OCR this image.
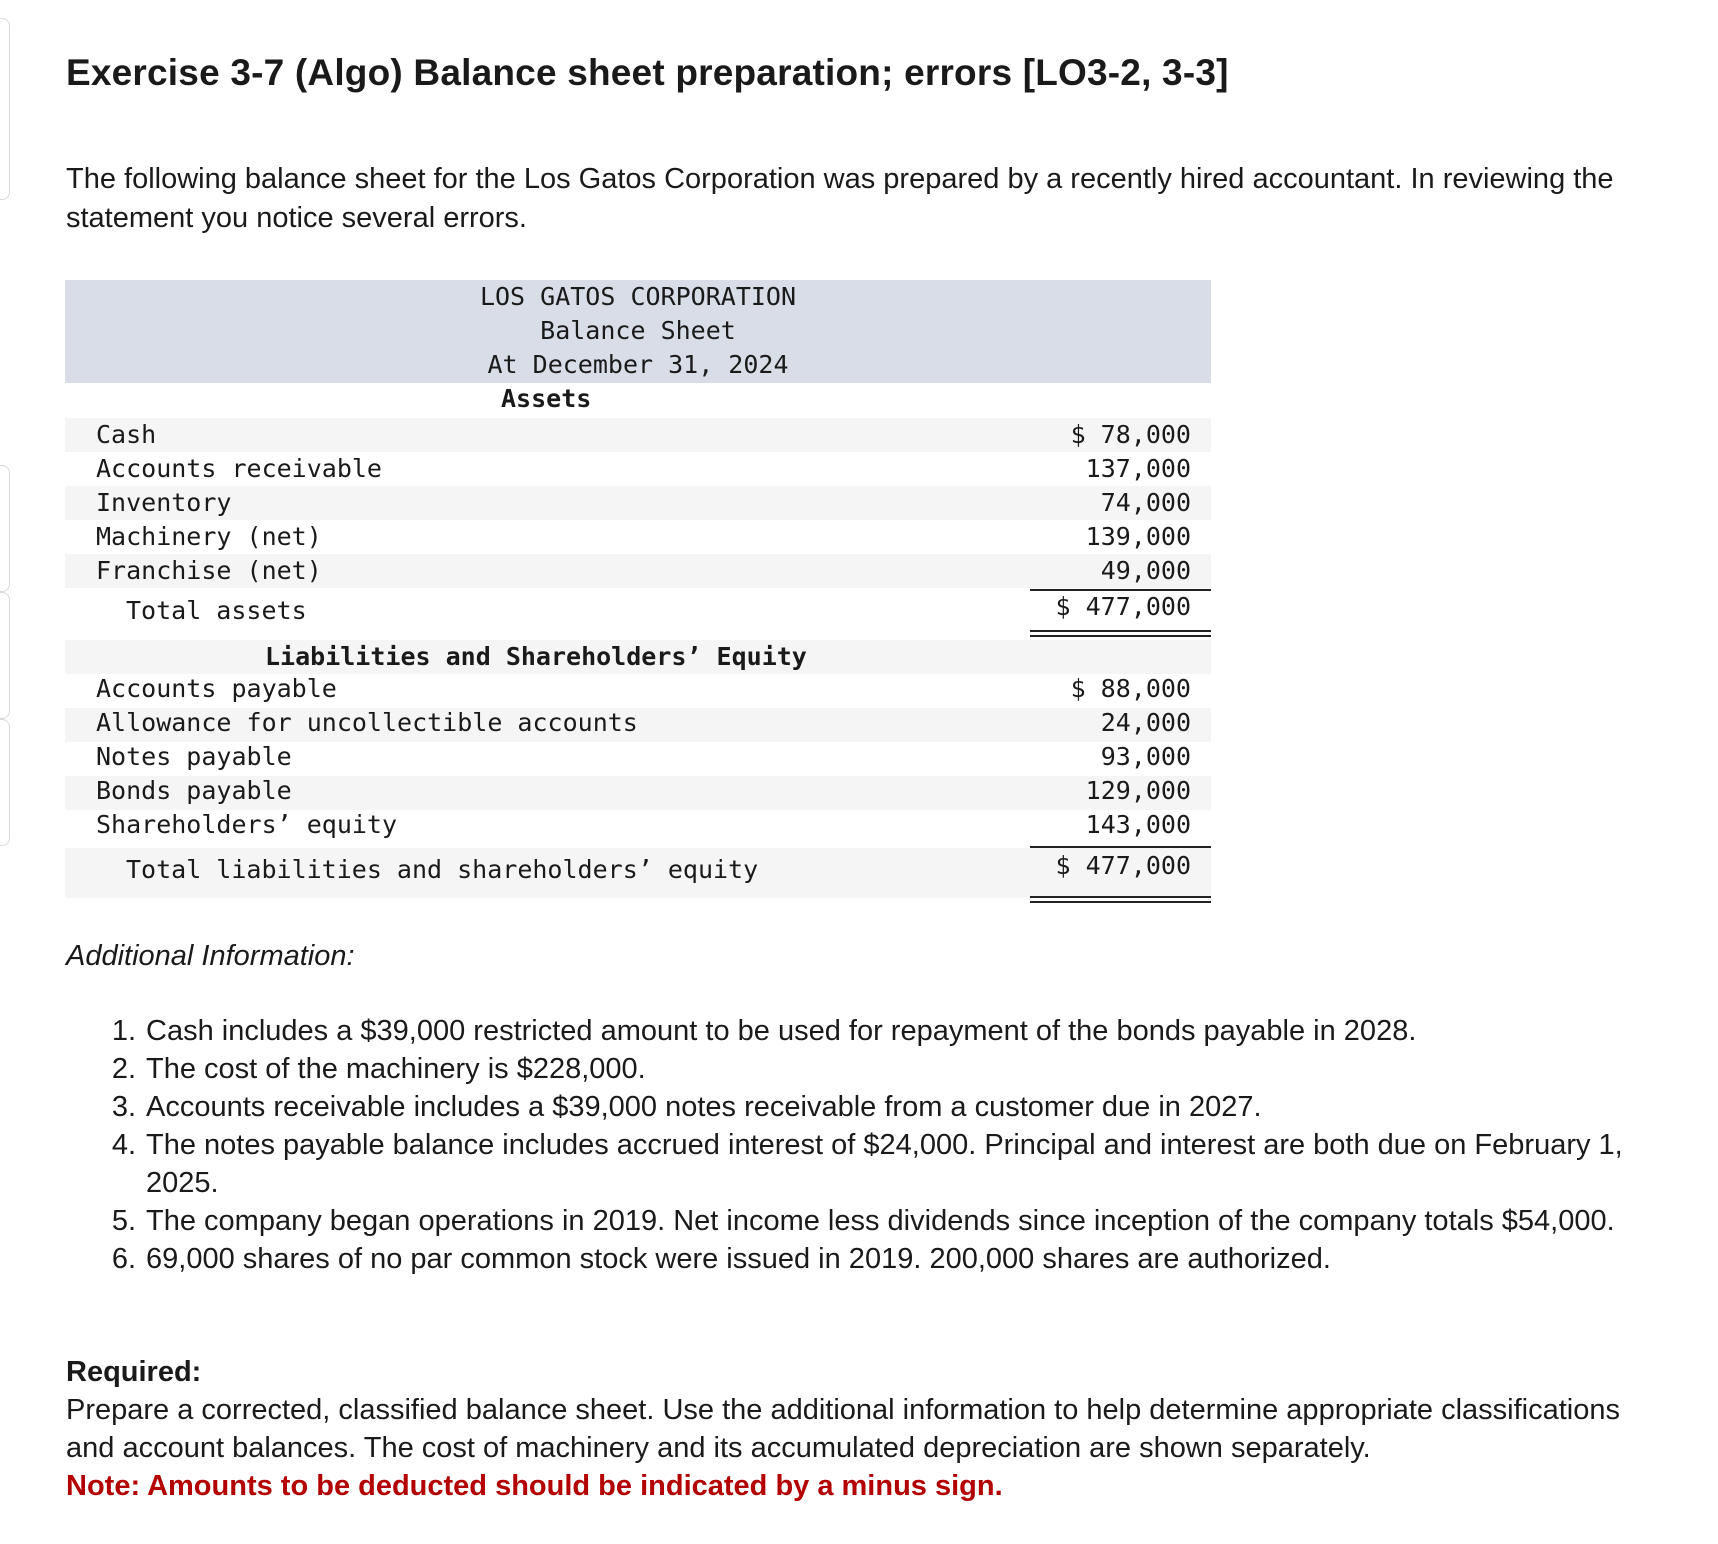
Exercise 3-7 (Algo) Balance sheet preparation; errors [LO3-2, 3-3]

The following balance sheet for the Los Gatos Corporation was prepared by a recently hired accountant. In reviewing the statement you notice several errors.

LOS GATOS CORPORATION
Balance Sheet
At December 31, 2024
Assets
Cash	$ 78,000
Accounts receivable	137,000
Inventory	74,000
Machinery (net)	139,000
Franchise (net)	49,000
Total assets	$ 477,000
Liabilities and Shareholders’ Equity
Accounts payable	$ 88,000
Allowance for uncollectible accounts	24,000
Notes payable	93,000
Bonds payable	129,000
Shareholders’ equity	143,000
Total liabilities and shareholders’ equity	$ 477,000

Additional Information:

1. Cash includes a $39,000 restricted amount to be used for repayment of the bonds payable in 2028.
2. The cost of the machinery is $228,000.
3. Accounts receivable includes a $39,000 notes receivable from a customer due in 2027.
4. The notes payable balance includes accrued interest of $24,000. Principal and interest are both due on February 1, 2025.
5. The company began operations in 2019. Net income less dividends since inception of the company totals $54,000.
6. 69,000 shares of no par common stock were issued in 2019. 200,000 shares are authorized.
Required:
Prepare a corrected, classified balance sheet. Use the additional information to help determine appropriate classifications and account balances. The cost of machinery and its accumulated depreciation are shown separately.
Note: Amounts to be deducted should be indicated by a minus sign.
